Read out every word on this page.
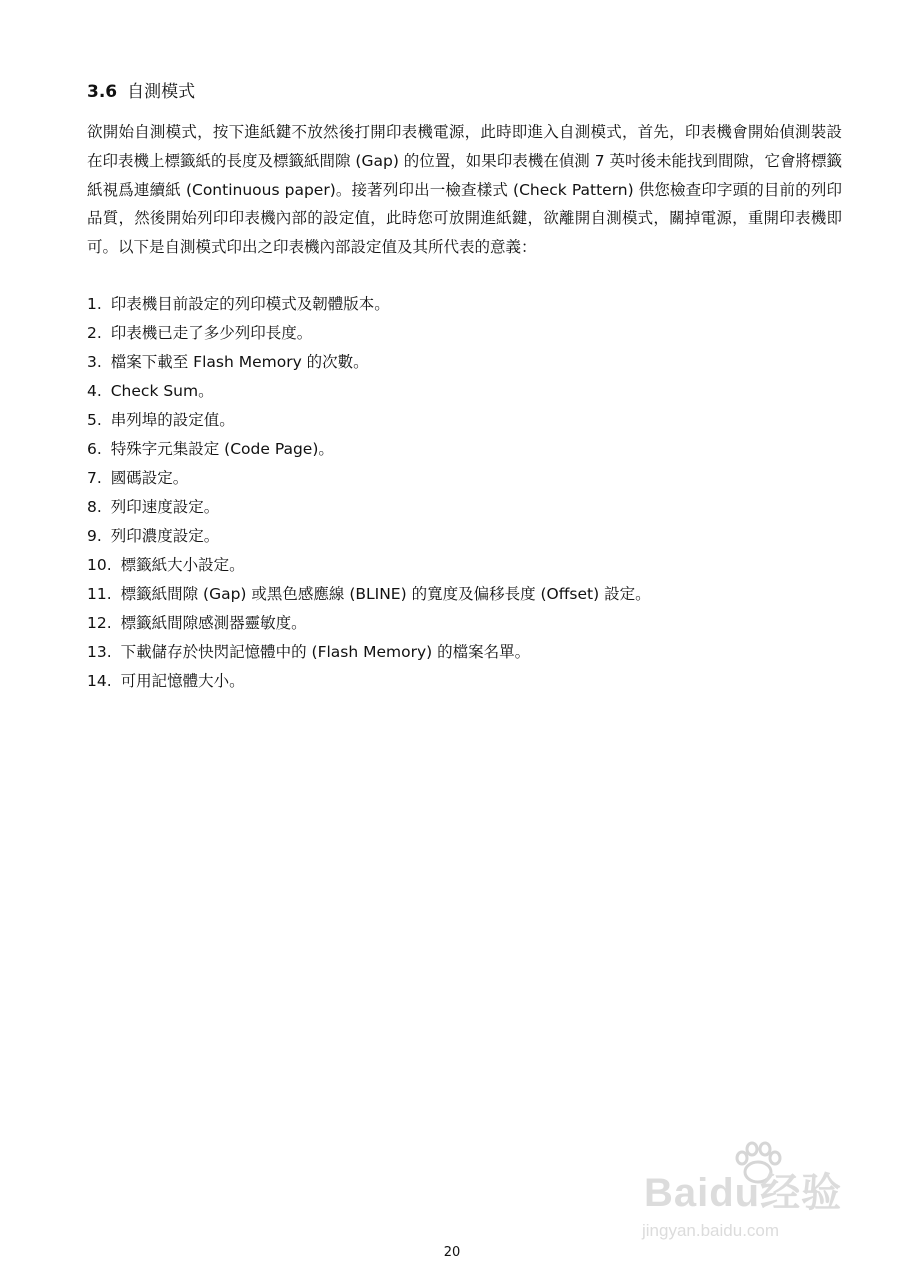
3.6 自測模式
欲開始自測模式，按下進紙鍵不放然後打開印表機電源，此時即進入自測模式，首先，印表機會開始偵測裝設在印表機上標籤紙的長度及標籤紙間隙 (Gap) 的位置，如果印表機在偵測 7 英吋後未能找到間隙，它會將標籤紙視爲連續紙 (Continuous paper)。接著列印出一檢查樣式 (Check Pattern) 供您檢查印字頭的目前的列印品質，然後開始列印印表機內部的設定值，此時您可放開進紙鍵，欲離開自測模式，關掉電源，重開印表機即可。以下是自測模式印出之印表機內部設定值及其所代表的意義：
1. 印表機目前設定的列印模式及韌體版本。
2. 印表機已走了多少列印長度。
3. 檔案下載至 Flash Memory 的次數。
4. Check Sum。
5. 串列埠的設定值。
6. 特殊字元集設定 (Code Page)。
7. 國碼設定。
8. 列印速度設定。
9. 列印濃度設定。
10. 標籤紙大小設定。
11. 標籤紙間隙 (Gap) 或黑色感應線 (BLINE) 的寬度及偏移長度 (Offset) 設定。
12. 標籤紙間隙感測器靈敏度。
13. 下載儲存於快閃記憶體中的 (Flash Memory) 的檔案名單。
14. 可用記憶體大小。
Baidu经验
jingyan.baidu.com
20
